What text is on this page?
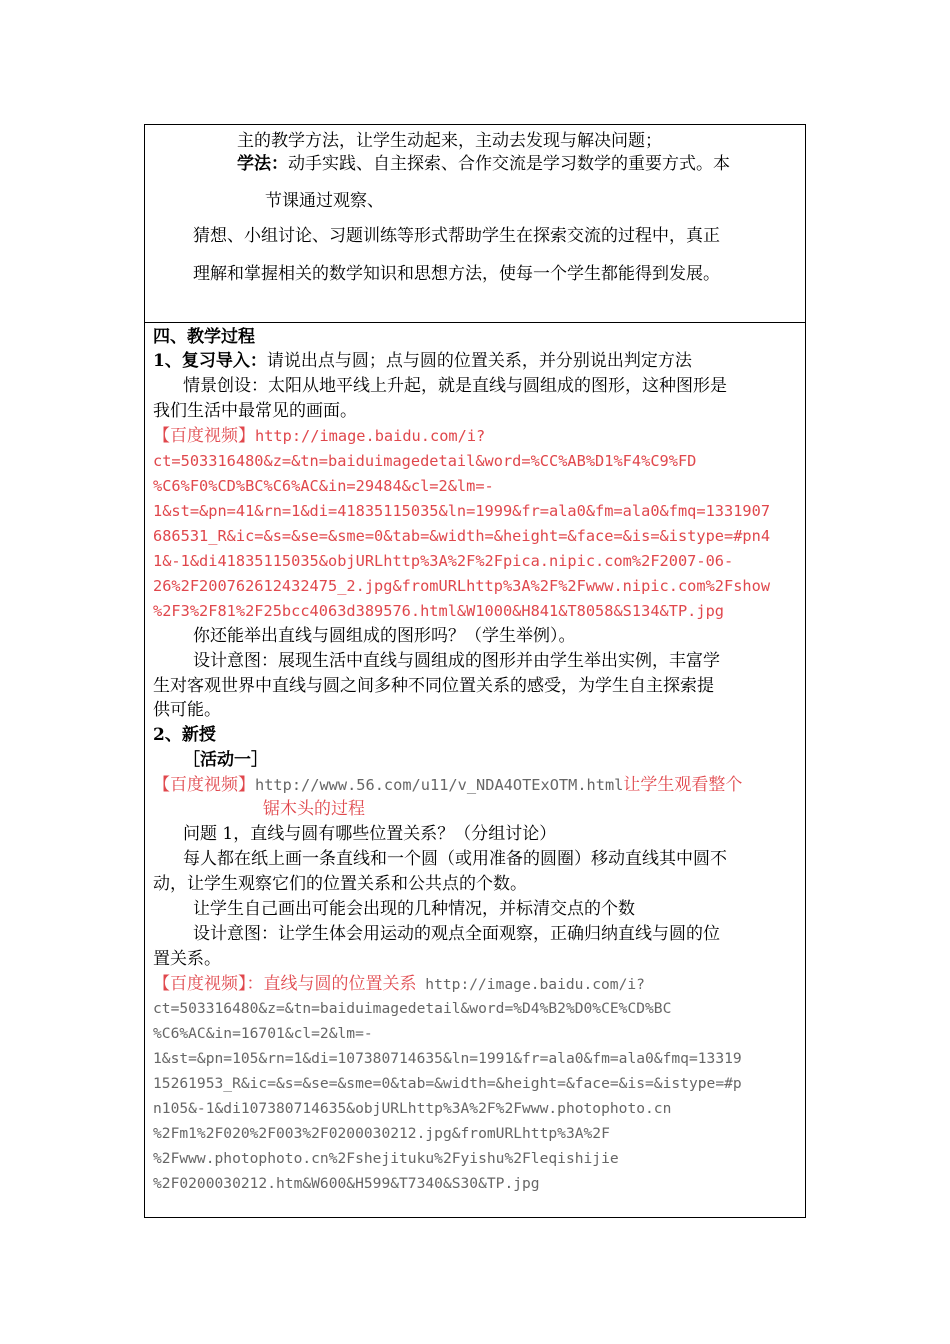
主的教学方法，让学生动起来，主动去发现与解决问题；
学法：动手实践、自主探索、合作交流是学习数学的重要方式。本
节课通过观察、
猜想、小组讨论、习题训练等形式帮助学生在探索交流的过程中，真正
理解和掌握相关的数学知识和思想方法，使每一个学生都能得到发展。
四、教学过程
1、复习导入：请说出点与圆；点与圆的位置关系，并分别说出判定方法
情景创设：太阳从地平线上升起，就是直线与圆组成的图形，这种图形是
我们生活中最常见的画面。
【百度视频】http://image.baidu.com/i?
ct=503316480&z=&tn=baiduimagedetail&word=%CC%AB%D1%F4%C9%FD
%C6%F0%CD%BC%C6%AC&in=29484&cl=2&lm=-
1&st=&pn=41&rn=1&di=41835115035&ln=1999&fr=ala0&fm=ala0&fmq=1331907
686531_R&ic=&s=&se=&sme=0&tab=&width=&height=&face=&is=&istype=#pn4
1&-1&di41835115035&objURLhttp%3A%2F%2Fpica.nipic.com%2F2007-06-
26%2F200762612432475_2.jpg&fromURLhttp%3A%2F%2Fwww.nipic.com%2Fshow
%2F3%2F81%2F25bcc4063d389576.html&W1000&H841&T8058&S134&TP.jpg
你还能举出直线与圆组成的图形吗？（学生举例）。
设计意图：展现生活中直线与圆组成的图形并由学生举出实例，丰富学
生对客观世界中直线与圆之间多种不同位置关系的感受，为学生自主探索提
供可能。
2、新授
［活动一］
【百度视频】http://www.56.com/u11/v_NDA4OTExOTM.html让学生观看整个
锯木头的过程
问题 1，直线与圆有哪些位置关系？（分组讨论）
每人都在纸上画一条直线和一个圆（或用准备的圆圈）移动直线其中圆不
动，让学生观察它们的位置关系和公共点的个数。
让学生自己画出可能会出现的几种情况，并标清交点的个数
设计意图：让学生体会用运动的观点全面观察，正确归纳直线与圆的位
置关系。
【百度视频】：直线与圆的位置关系 http://image.baidu.com/i?
ct=503316480&z=&tn=baiduimagedetail&word=%D4%B2%D0%CE%CD%BC
%C6%AC&in=16701&cl=2&lm=-
1&st=&pn=105&rn=1&di=107380714635&ln=1991&fr=ala0&fm=ala0&fmq=13319
15261953_R&ic=&s=&se=&sme=0&tab=&width=&height=&face=&is=&istype=#p
n105&-1&di107380714635&objURLhttp%3A%2F%2Fwww.photophoto.cn
%2Fm1%2F020%2F003%2F0200030212.jpg&fromURLhttp%3A%2F
%2Fwww.photophoto.cn%2Fshejituku%2Fyishu%2Fleqishijie
%2F0200030212.htm&W600&H599&T7340&S30&TP.jpg
